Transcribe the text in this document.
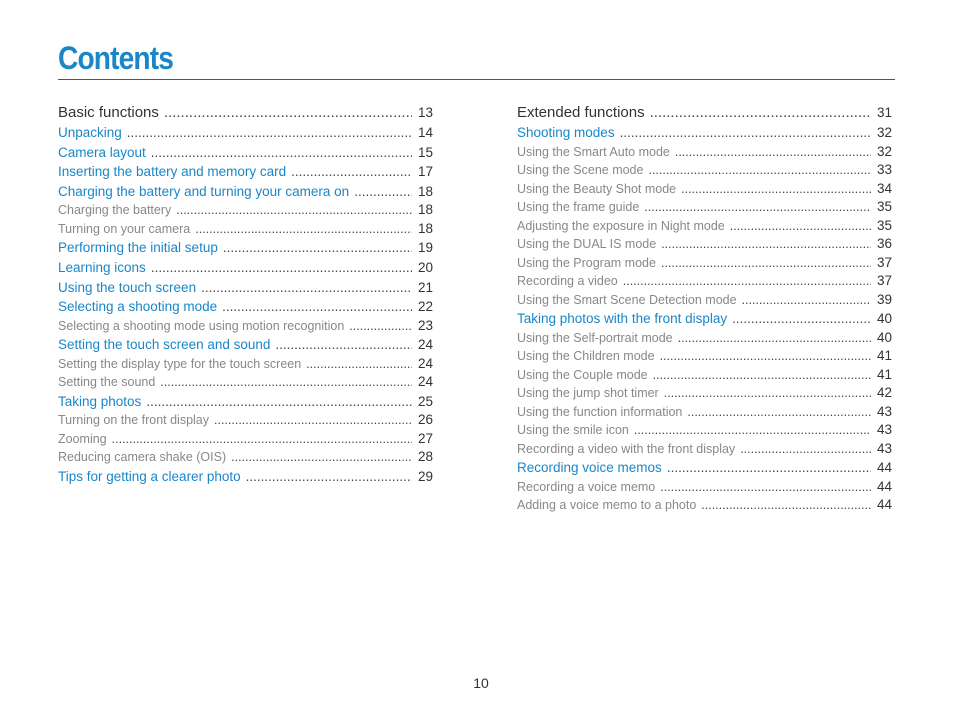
Contents
Basic functions .....	13
Unpacking .....	14
Camera layout .....	15
Inserting the battery and memory card .....	17
Charging the battery and turning your camera on .....	18
Charging the battery .....	18
Turning on your camera .....	18
Performing the initial setup .....	19
Learning icons .....	20
Using the touch screen .....	21
Selecting a shooting mode .....	22
Selecting a shooting mode using motion recognition .....	23
Setting the touch screen and sound .....	24
Setting the display type for the touch screen .....	24
Setting the sound .....	24
Taking photos .....	25
Turning on the front display .....	26
Zooming .....	27
Reducing camera shake (OIS) .....	28
Tips for getting a clearer photo .....	29
Extended functions .....	31
Shooting modes .....	32
Using the Smart Auto mode .....	32
Using the Scene mode .....	33
Using the Beauty Shot mode .....	34
Using the frame guide .....	35
Adjusting the exposure in Night mode .....	35
Using the DUAL IS mode .....	36
Using the Program mode .....	37
Recording a video .....	37
Using the Smart Scene Detection mode .....	39
Taking photos with the front display .....	40
Using the Self-portrait mode .....	40
Using the Children mode .....	41
Using the Couple mode .....	41
Using the jump shot timer .....	42
Using the function information .....	43
Using the smile icon .....	43
Recording a video with the front display .....	43
Recording voice memos .....	44
Recording a voice memo .....	44
Adding a voice memo to a photo .....	44
10
